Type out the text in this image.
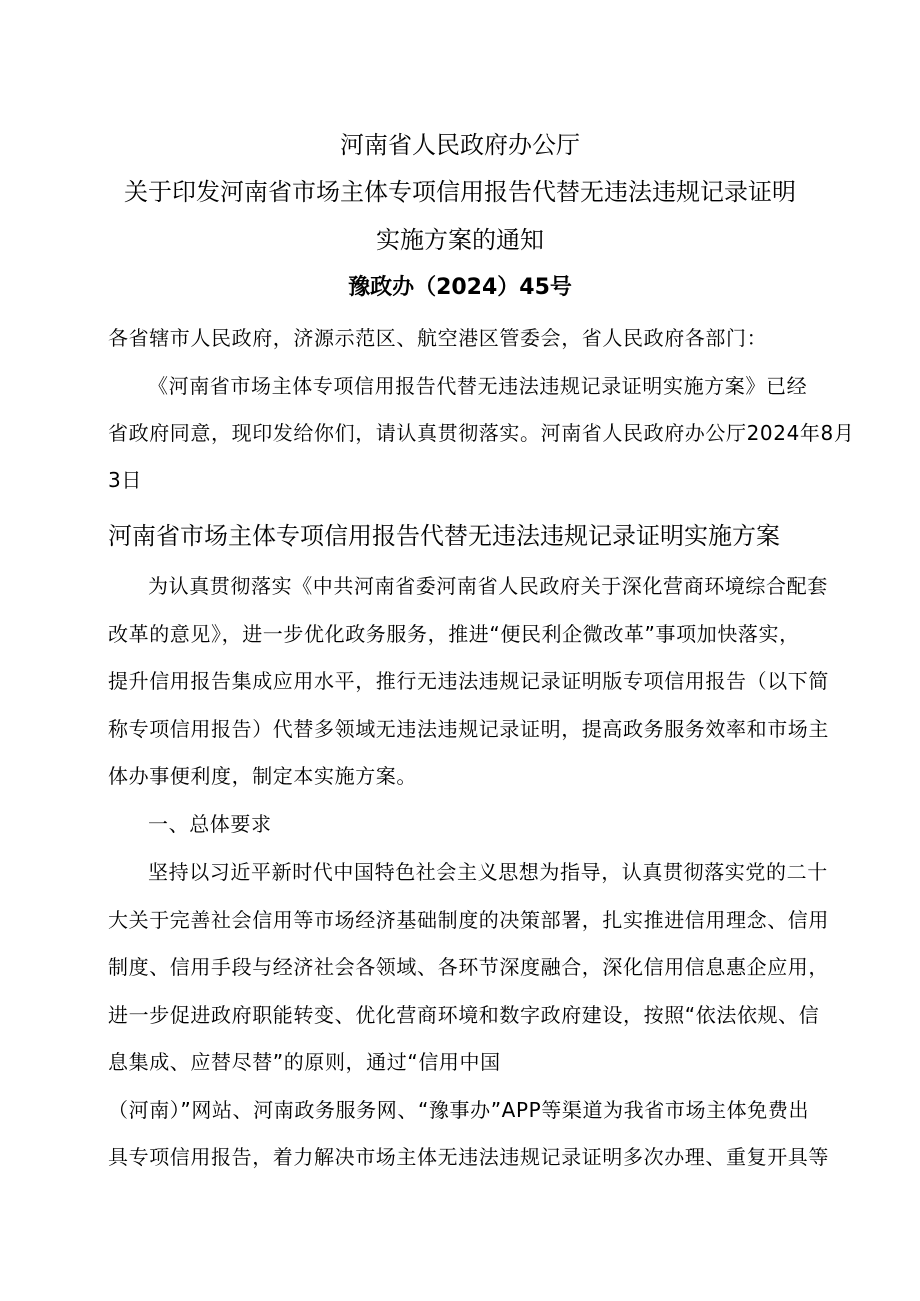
河南省人民政府办公厅
关于印发河南省市场主体专项信用报告代替无违法违规记录证明
实施方案的通知
豫政办（2024）45号
各省辖市人民政府，济源示范区、航空港区管委会，省人民政府各部门：
《河南省市场主体专项信用报告代替无违法违规记录证明实施方案》已经
省政府同意，现印发给你们，请认真贯彻落实。河南省人民政府办公厅2024年8月
3日
河南省市场主体专项信用报告代替无违法违规记录证明实施方案
为认真贯彻落实《中共河南省委河南省人民政府关于深化营商环境综合配套
改革的意见》，进一步优化政务服务，推进“便民利企微改革”事项加快落实，
提升信用报告集成应用水平，推行无违法违规记录证明版专项信用报告（以下简
称专项信用报告）代替多领域无违法违规记录证明，提高政务服务效率和市场主
体办事便利度，制定本实施方案。
一、总体要求
坚持以习近平新时代中国特色社会主义思想为指导，认真贯彻落实党的二十
大关于完善社会信用等市场经济基础制度的决策部署，扎实推进信用理念、信用
制度、信用手段与经济社会各领域、各环节深度融合，深化信用信息惠企应用，
进一步促进政府职能转变、优化营商环境和数字政府建设，按照“依法依规、信
息集成、应替尽替”的原则，通过“信用中国
（河南）”网站、河南政务服务网、“豫事办”APP等渠道为我省市场主体免费出
具专项信用报告，着力解决市场主体无违法违规记录证明多次办理、重复开具等
